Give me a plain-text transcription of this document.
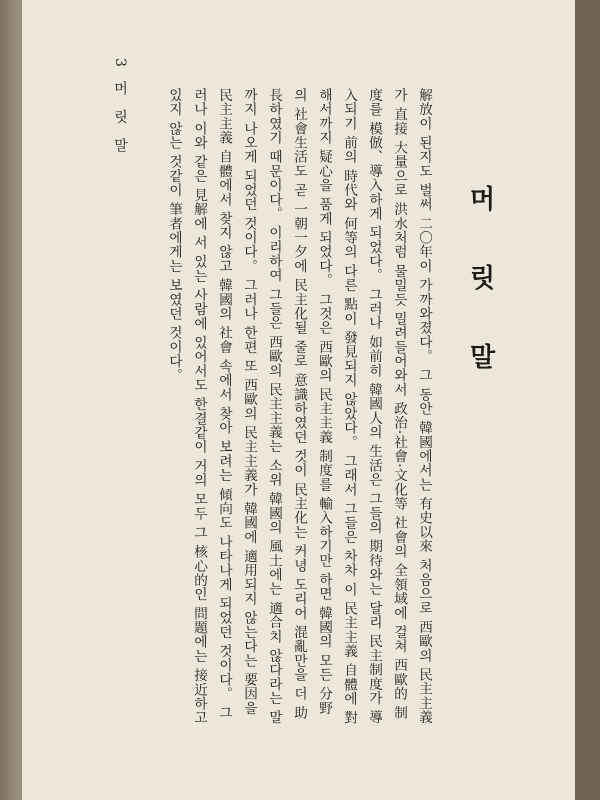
3 머 릿 말
머 릿 말

解放이 된지도 벌써 二〇年이 가까와졌다。 그 동안 韓國에서는 有史以來 처음으로 西歐의 民主主義가 直接 大量으로 洪水처럼 물밀듯 밀려들어와서 政治·社會·文化等 社會의 全領域에 걸쳐 西歐的 制度를 模倣、導入하게 되었다。 그러나 如前히 韓國人의 生活은 그들의 期待와는 달리 民主制度가 導入되기 前의 時代와 何等의 다른 點이 發見되지 않았다。 그래서 그들은 차차 이 民主主義 自體에 對해서까지 疑心을 품게 되었다。 그것은 西歐의 民主主義 制度를 輸入하기만 하면 韓國의 모든 分野의 社會生活도 곧 一朝一夕에 民主化될 줄로 意識하였던 것이 民主化는 커녕 도리어 混亂만을 더 助長하였기 때문이다。 이리하여 그들은 西歐의 民主主義는 소위 韓國의 風土에는 適合치 않다라는 말까지 나오게 되었던 것이다。 그러나 한편 또 西歐의 民主主義가 韓國에 適用되지 않는다는 要因을 民主主義 自體에서 찾지 않고 韓國의 社會 속에서 찾아 보려는 傾向도 나타나게 되었던 것이다。 그러나 이와 같은 見解에 서 있는 사람에 있어서도 한결같이 거의 모두 그 核心的인 問題에는 接近하고 있지 않는 것같이 筆者에게는 보였던 것이다。
